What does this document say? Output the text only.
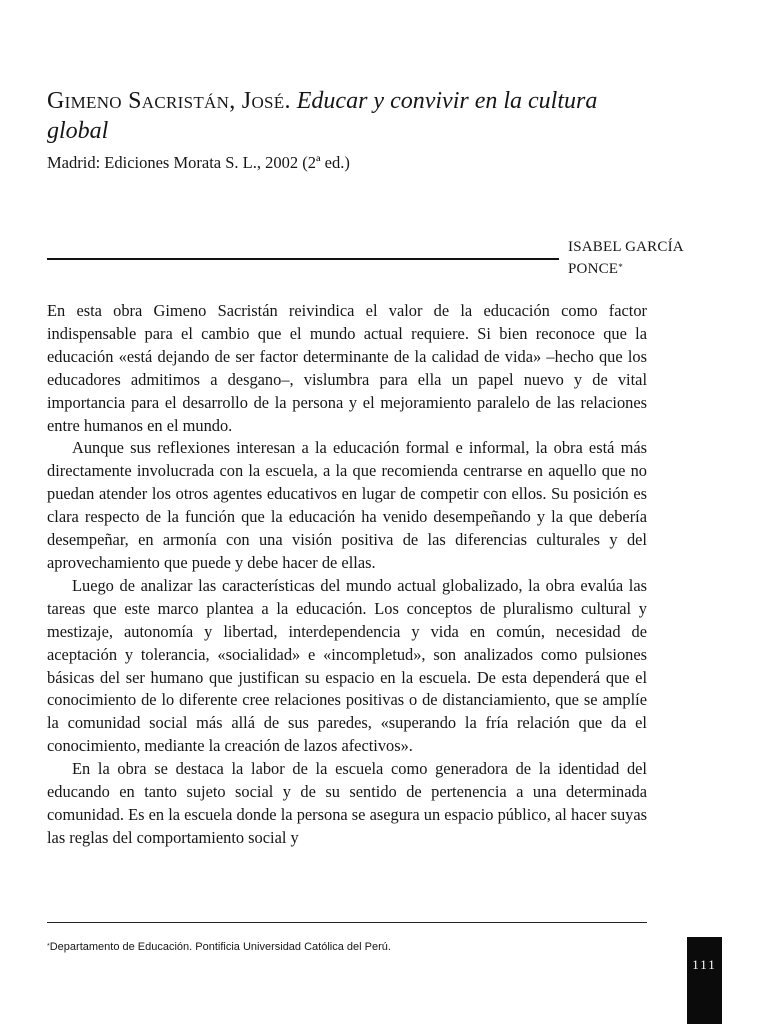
Gimeno Sacristán, José. Educar y convivir en la cultura
global
Madrid: Ediciones Morata S. L., 2002 (2ª ed.)
ISABEL GARCÍA
PONCE*

En esta obra Gimeno Sacristán reivindica el valor de la educación como factor indispensable para el cambio que el mundo actual requiere. Si bien reconoce que la educación «está dejando de ser factor determinante de la calidad de vida» –hecho que los educadores admitimos a desgano–, vislumbra para ella un papel nuevo y de vital importancia para el desarrollo de la persona y el mejoramiento paralelo de las relaciones entre humanos en el mundo.

Aunque sus reflexiones interesan a la educación formal e informal, la obra está más directamente involucrada con la escuela, a la que recomienda centrarse en aquello que no puedan atender los otros agentes educativos en lugar de competir con ellos. Su posición es clara respecto de la función que la educación ha venido desempeñando y la que debería desempeñar, en armonía con una visión positiva de las diferencias culturales y del aprovechamiento que puede y debe hacer de ellas.

Luego de analizar las características del mundo actual globalizado, la obra evalúa las tareas que este marco plantea a la educación. Los conceptos de pluralismo cultural y mestizaje, autonomía y libertad, interdependencia y vida en común, necesidad de aceptación y tolerancia, «socialidad» e «incompletud», son analizados como pulsiones básicas del ser humano que justifican su espacio en la escuela. De esta dependerá que el conocimiento de lo diferente cree relaciones positivas o de distanciamiento, que se amplíe la comunidad social más allá de sus paredes, «superando la fría relación que da el conocimiento, mediante la creación de lazos afectivos».

En la obra se destaca la labor de la escuela como generadora de la identidad del educando en tanto sujeto social y de su sentido de pertenencia a una determinada comunidad. Es en la escuela donde la persona se asegura un espacio público, al hacer suyas las reglas del comportamiento social y

*Departamento de Educación. Pontificia Universidad Católica del Perú.
111
